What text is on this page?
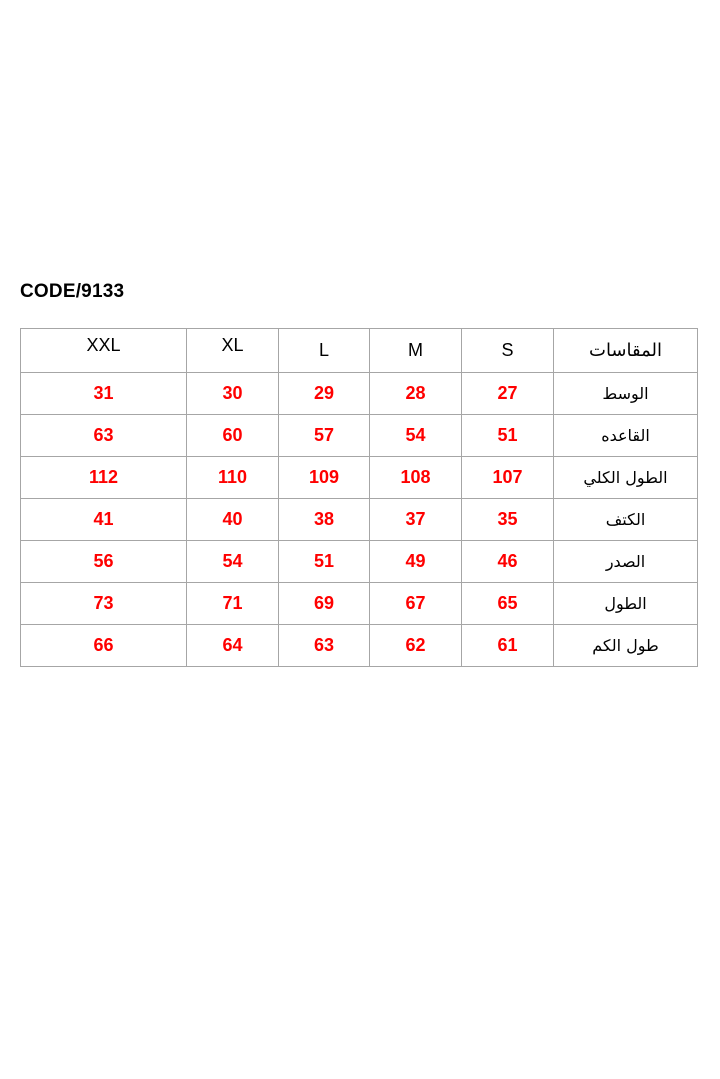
CODE/9133
XXL	XL	L	M	S	المقاسات
31	30	29	28	27	الوسط
63	60	57	54	51	القاعده
112	110	109	108	107	الطول الكلي
41	40	38	37	35	الكتف
56	54	51	49	46	الصدر
73	71	69	67	65	الطول
66	64	63	62	61	طول الكم
